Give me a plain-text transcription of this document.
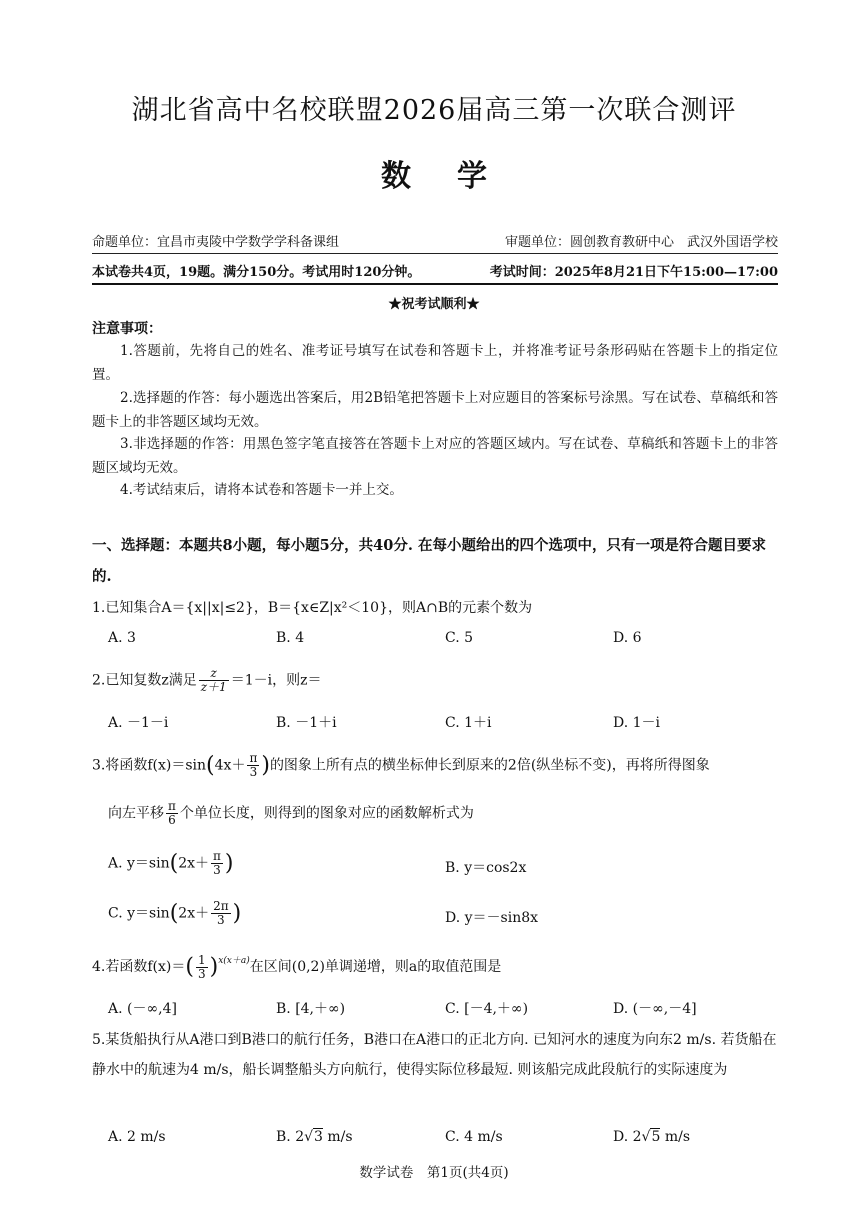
湖北省高中名校联盟2026届高三第一次联合测评
数学
命题单位：宜昌市夷陵中学数学学科备课组	审题单位：圆创教育教研中心　武汉外国语学校
本试卷共4页，19题。满分150分。考试用时120分钟。	考试时间：2025年8月21日下午15:00—17:00
★祝考试顺利★
注意事项：
1.答题前，先将自己的姓名、准考证号填写在试卷和答题卡上，并将准考证号条形码贴在答题卡上的指定位置。
2.选择题的作答：每小题选出答案后，用2B铅笔把答题卡上对应题目的答案标号涂黑。写在试卷、草稿纸和答题卡上的非答题区域均无效。
3.非选择题的作答：用黑色签字笔直接答在答题卡上对应的答题区域内。写在试卷、草稿纸和答题卡上的非答题区域均无效。
4.考试结束后，请将本试卷和答题卡一并上交。
一、选择题：本题共8小题，每小题5分，共40分. 在每小题给出的四个选项中，只有一项是符合题目要求的.
1.已知集合A＝{x||x|≤2}，B＝{x∈Z|x²＜10}，则A∩B的元素个数为
A. 3	B. 4	C. 5	D. 6
2.已知复数z满足 $\frac{z}{z+1} =1-i$，则z＝
A. －1－i	B. －1＋i	C. 1＋i	D. 1－i
3.将函数$f(x)=\sin(4x+ \frac{\pi}{3}$ )的图象上所有点的横坐标伸长到原来的2倍(纵坐标不变)，再将所得图象
向左平移 $\frac{\pi}{6}$ 个单位长度，则得到的图象对应的函数解析式为
A. $y=\sin(2x+ \frac{\pi}{3}$ )	B. y＝cos2x
C. $y=\sin(2x+ \frac{2\pi}{3}$ )	D. y＝－sin8x
4.若函数$f(x)=( \frac{1}{3} )^{x(x+a)}$在区间(0,2)单调递增，则a的取值范围是
A. (－∞,4]	B. [4,＋∞)	C. [－4,＋∞)	D. (－∞,－4]
5.某货船执行从A港口到B港口的航行任务，B港口在A港口的正北方向. 已知河水的速度为向东2 m/s. 若货船在静水中的航速为4 m/s，船长调整船头方向航行，使得实际位移最短. 则该船完成此段航行的实际速度为
A. 2 m/s	B. 2√3 m/s	C. 4 m/s	D. 2√5 m/s
数学试卷　第1页(共4页)
